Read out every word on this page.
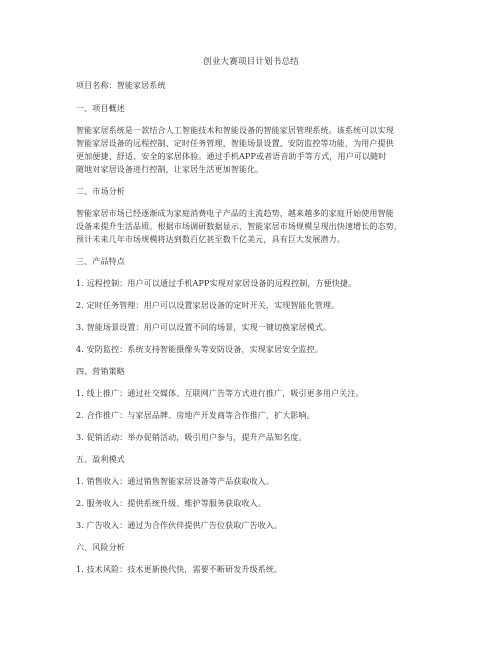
创业大赛项目计划书总结
项目名称：智能家居系统
一、项目概述
智能家居系统是一款结合人工智能技术和智能设备的智能家居管理系统。该系统可以实现
智能家居设备的远程控制、定时任务管理、智能场景设置、安防监控等功能，为用户提供
更加便捷、舒适、安全的家居体验。通过手机APP或者语音助手等方式，用户可以随时
随地对家居设备进行控制，让家居生活更加智能化。
二、市场分析
智能家居市场已经逐渐成为家庭消费电子产品的主流趋势，越来越多的家庭开始使用智能
设备来提升生活品质。根据市场调研数据显示，智能家居市场规模呈现出快速增长的态势，
预计未来几年市场规模将达到数百亿甚至数千亿美元，具有巨大发展潜力。
三、产品特点
1. 远程控制：用户可以通过手机APP实现对家居设备的远程控制，方便快捷。
2. 定时任务管理：用户可以设置家居设备的定时开关，实现智能化管理。
3. 智能场景设置：用户可以设置不同的场景，实现一键切换家居模式。
4. 安防监控：系统支持智能摄像头等安防设备，实现家居安全监控。
四、营销策略
1. 线上推广：通过社交媒体、互联网广告等方式进行推广，吸引更多用户关注。
2. 合作推广：与家居品牌、房地产开发商等合作推广，扩大影响。
3. 促销活动：举办促销活动，吸引用户参与，提升产品知名度。
五、盈利模式
1. 销售收入：通过销售智能家居设备等产品获取收入。
2. 服务收入：提供系统升级、维护等服务获取收入。
3. 广告收入：通过为合作伙伴提供广告位获取广告收入。
六、风险分析
1. 技术风险：技术更新换代快，需要不断研发升级系统。
